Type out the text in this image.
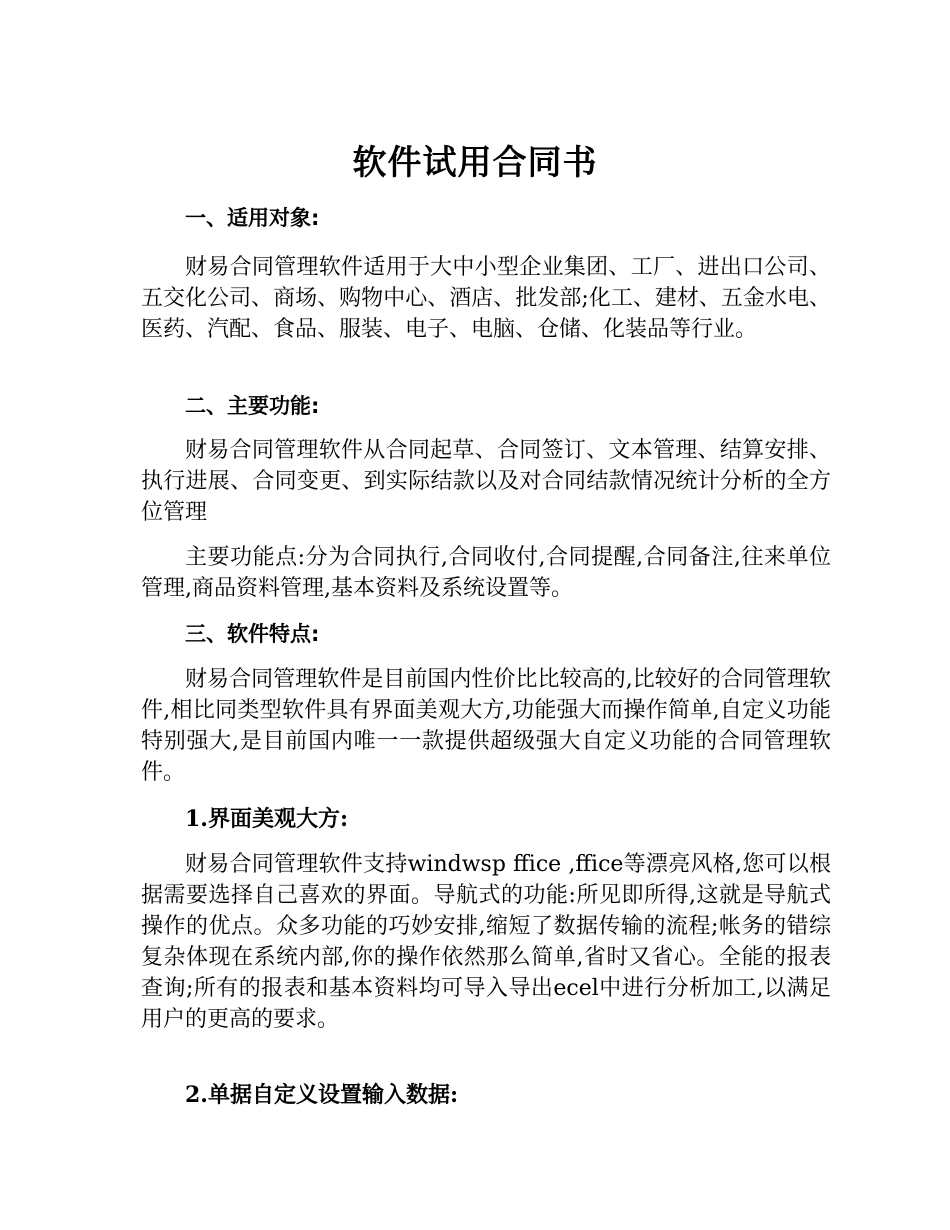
软件试用合同书
一、适用对象:

财易合同管理软件适用于大中小型企业集团、工厂、进出口公司、五交化公司、商场、购物中心、酒店、批发部;化工、建材、五金水电、医药、汽配、食品、服装、电子、电脑、仓储、化装品等行业。

二、主要功能:

财易合同管理软件从合同起草、合同签订、文本管理、结算安排、执行进展、合同变更、到实际结款以及对合同结款情况统计分析的全方位管理

主要功能点:分为合同执行,合同收付,合同提醒,合同备注,往来单位管理,商品资料管理,基本资料及系统设置等。

三、软件特点:

财易合同管理软件是目前国内性价比比较高的,比较好的合同管理软件,相比同类型软件具有界面美观大方,功能强大而操作简单,自定义功能特别强大,是目前国内唯一一款提供超级强大自定义功能的合同管理软件。

1.界面美观大方:

财易合同管理软件支持windwsp ffice ,ffice等漂亮风格,您可以根据需要选择自己喜欢的界面。导航式的功能:所见即所得,这就是导航式操作的优点。众多功能的巧妙安排,缩短了数据传输的流程;帐务的错综复杂体现在系统内部,你的操作依然那么简单,省时又省心。全能的报表查询;所有的报表和基本资料均可导入导出ecel中进行分析加工,以满足用户的更高的要求。

2.单据自定义设置输入数据:
